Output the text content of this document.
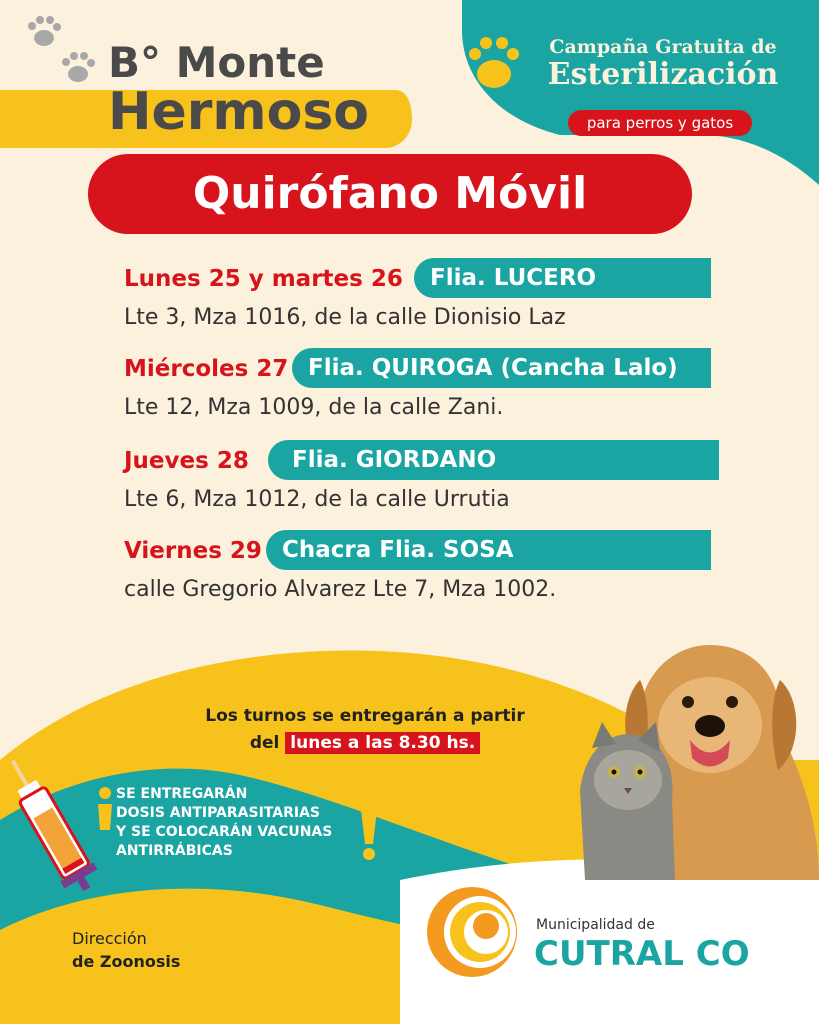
B° Monte
Hermoso
Campaña Gratuita de
Esterilización
para perros y gatos
Quirófano Móvil
Lunes 25 y martes 26	Flia. LUCERO
Lte 3, Mza 1016, de la calle Dionisio Laz
Miércoles 27 Flia. QUIROGA (Cancha Lalo)
Lte 12, Mza 1009, de la calle Zani.
Jueves 28	Flia. GIORDANO
Lte 6, Mza 1012, de la calle Urrutia
Viernes 29 Chacra Flia. SOSA
calle Gregorio Alvarez Lte 7, Mza 1002.
Los turnos se entregarán a partir
del lunes a las 8.30 hs.
SE ENTREGARÁN
DOSIS ANTIPARASITARIAS
Y SE COLOCARÁN VACUNAS
ANTIRRÁBICAS
Dirección
de Zoonosis
Municipalidad de
CUTRAL CO
